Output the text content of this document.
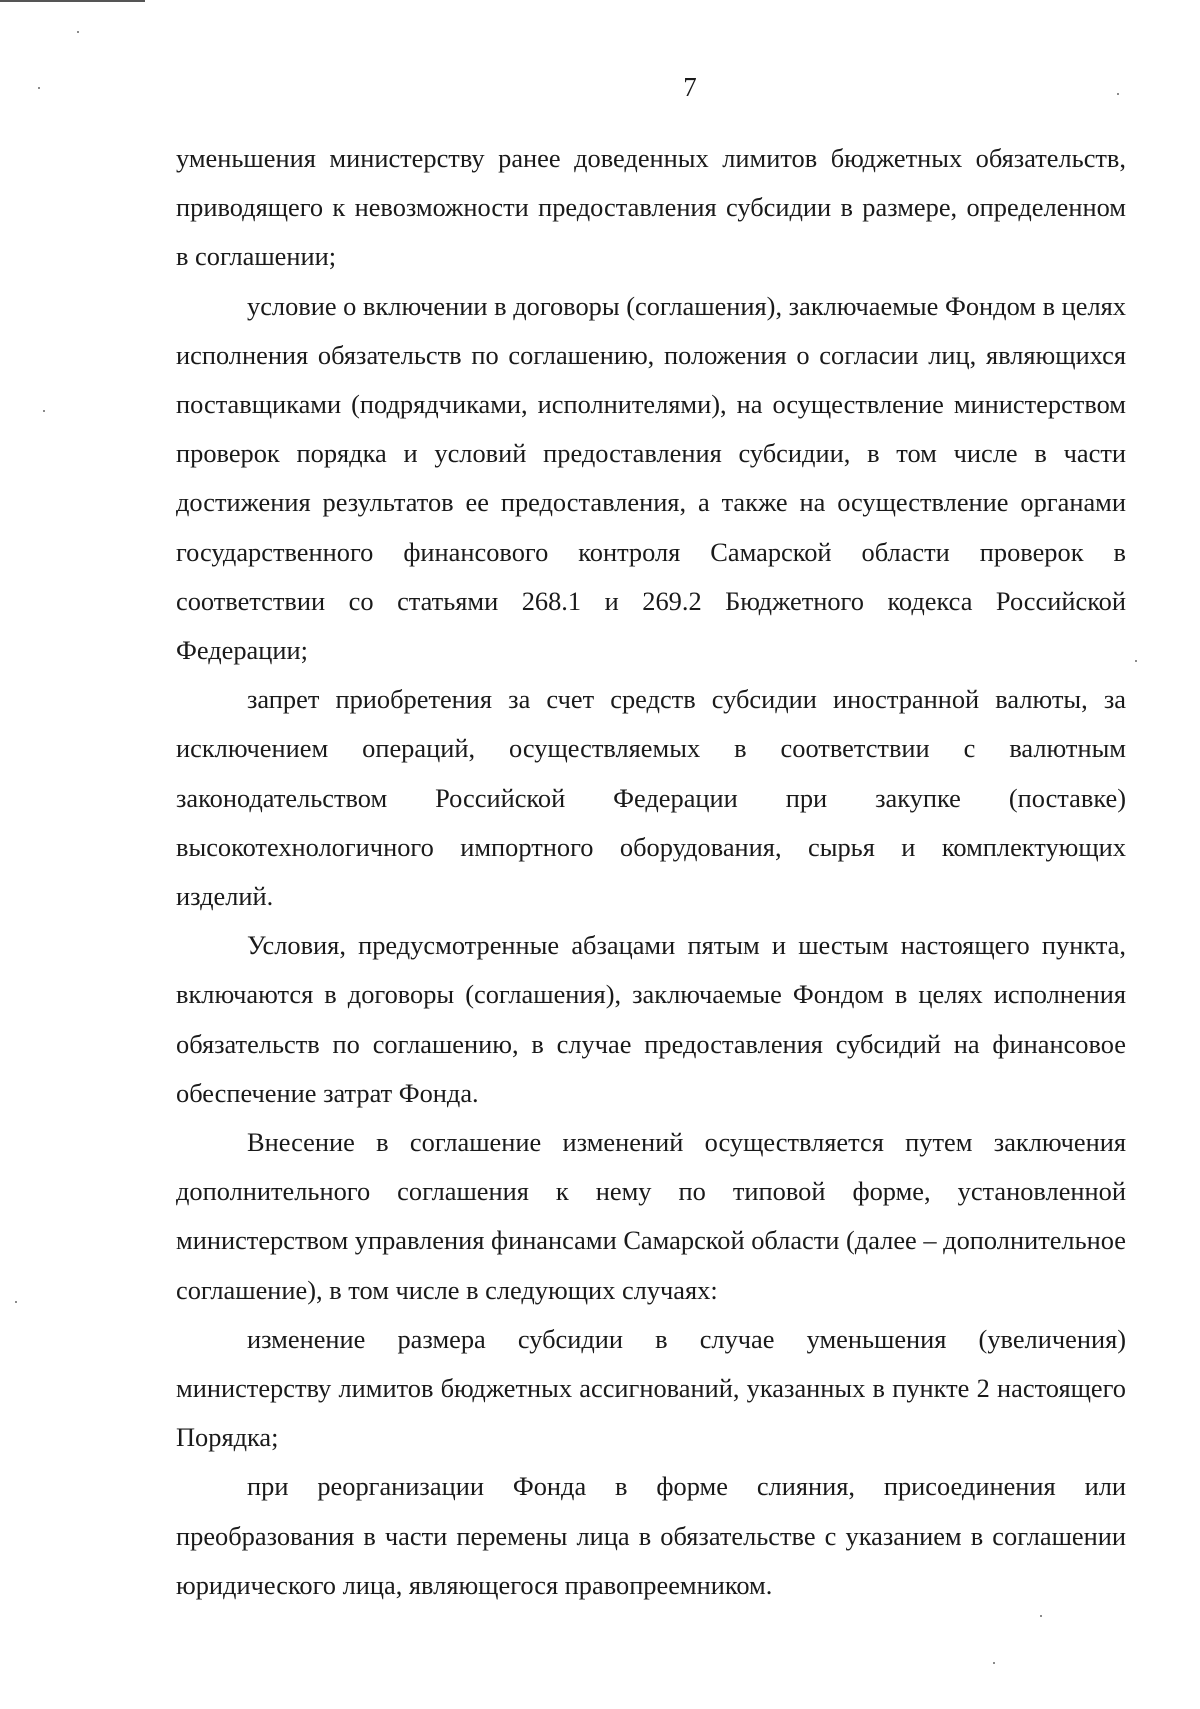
7

уменьшения министерству ранее доведенных лимитов бюджетных обязательств, приводящего к невозможности предоставления субсидии в размере, определенном в соглашении;

условие о включении в договоры (соглашения), заключаемые Фондом в целях исполнения обязательств по соглашению, положения о согласии лиц, являющихся поставщиками (подрядчиками, исполнителями), на осуществление министерством проверок порядка и условий предоставления субсидии, в том числе в части достижения результатов ее предоставления, а также на осуществление органами государственного финансового контроля Самарской области проверок в соответствии со статьями 268.1 и 269.2 Бюджетного кодекса Российской Федерации;

запрет приобретения за счет средств субсидии иностранной валюты, за исключением операций, осуществляемых в соответствии с валютным законодательством Российской Федерации при закупке (поставке) высокотехнологичного импортного оборудования, сырья и комплектующих изделий.

Условия, предусмотренные абзацами пятым и шестым настоящего пункта, включаются в договоры (соглашения), заключаемые Фондом в целях исполнения обязательств по соглашению, в случае предоставления субсидий на финансовое обеспечение затрат Фонда.

Внесение в соглашение изменений осуществляется путем заключения дополнительного соглашения к нему по типовой форме, установленной министерством управления финансами Самарской области (далее – дополнительное соглашение), в том числе в следующих случаях:

изменение размера субсидии в случае уменьшения (увеличения) министерству лимитов бюджетных ассигнований, указанных в пункте 2 настоящего Порядка;

при реорганизации Фонда в форме слияния, присоединения или преобразования в части перемены лица в обязательстве с указанием в соглашении юридического лица, являющегося правопреемником.
